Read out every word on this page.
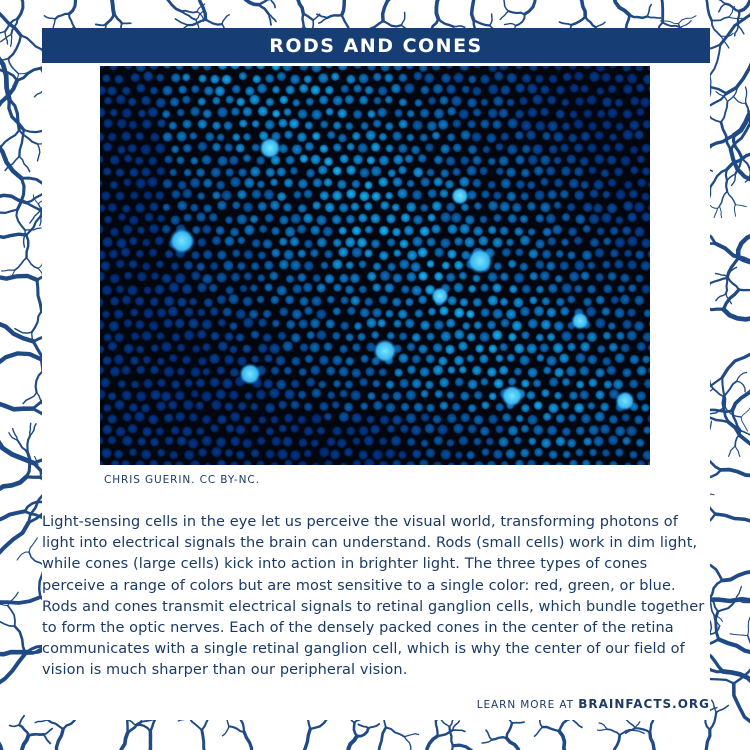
RODS AND CONES
CHRIS GUERIN. CC BY-NC.

Light-sensing cells in the eye let us perceive the visual world, transforming photons of light into electrical signals the brain can understand. Rods (small cells) work in dim light, while cones (large cells) kick into action in brighter light. The three types of cones perceive a range of colors but are most sensitive to a single color: red, green, or blue. Rods and cones transmit electrical signals to retinal ganglion cells, which bundle together to form the optic nerves. Each of the densely packed cones in the center of the retina communicates with a single retinal ganglion cell, which is why the center of our field of vision is much sharper than our peripheral vision.

LEARN MORE AT BRAINFACTS.ORG
